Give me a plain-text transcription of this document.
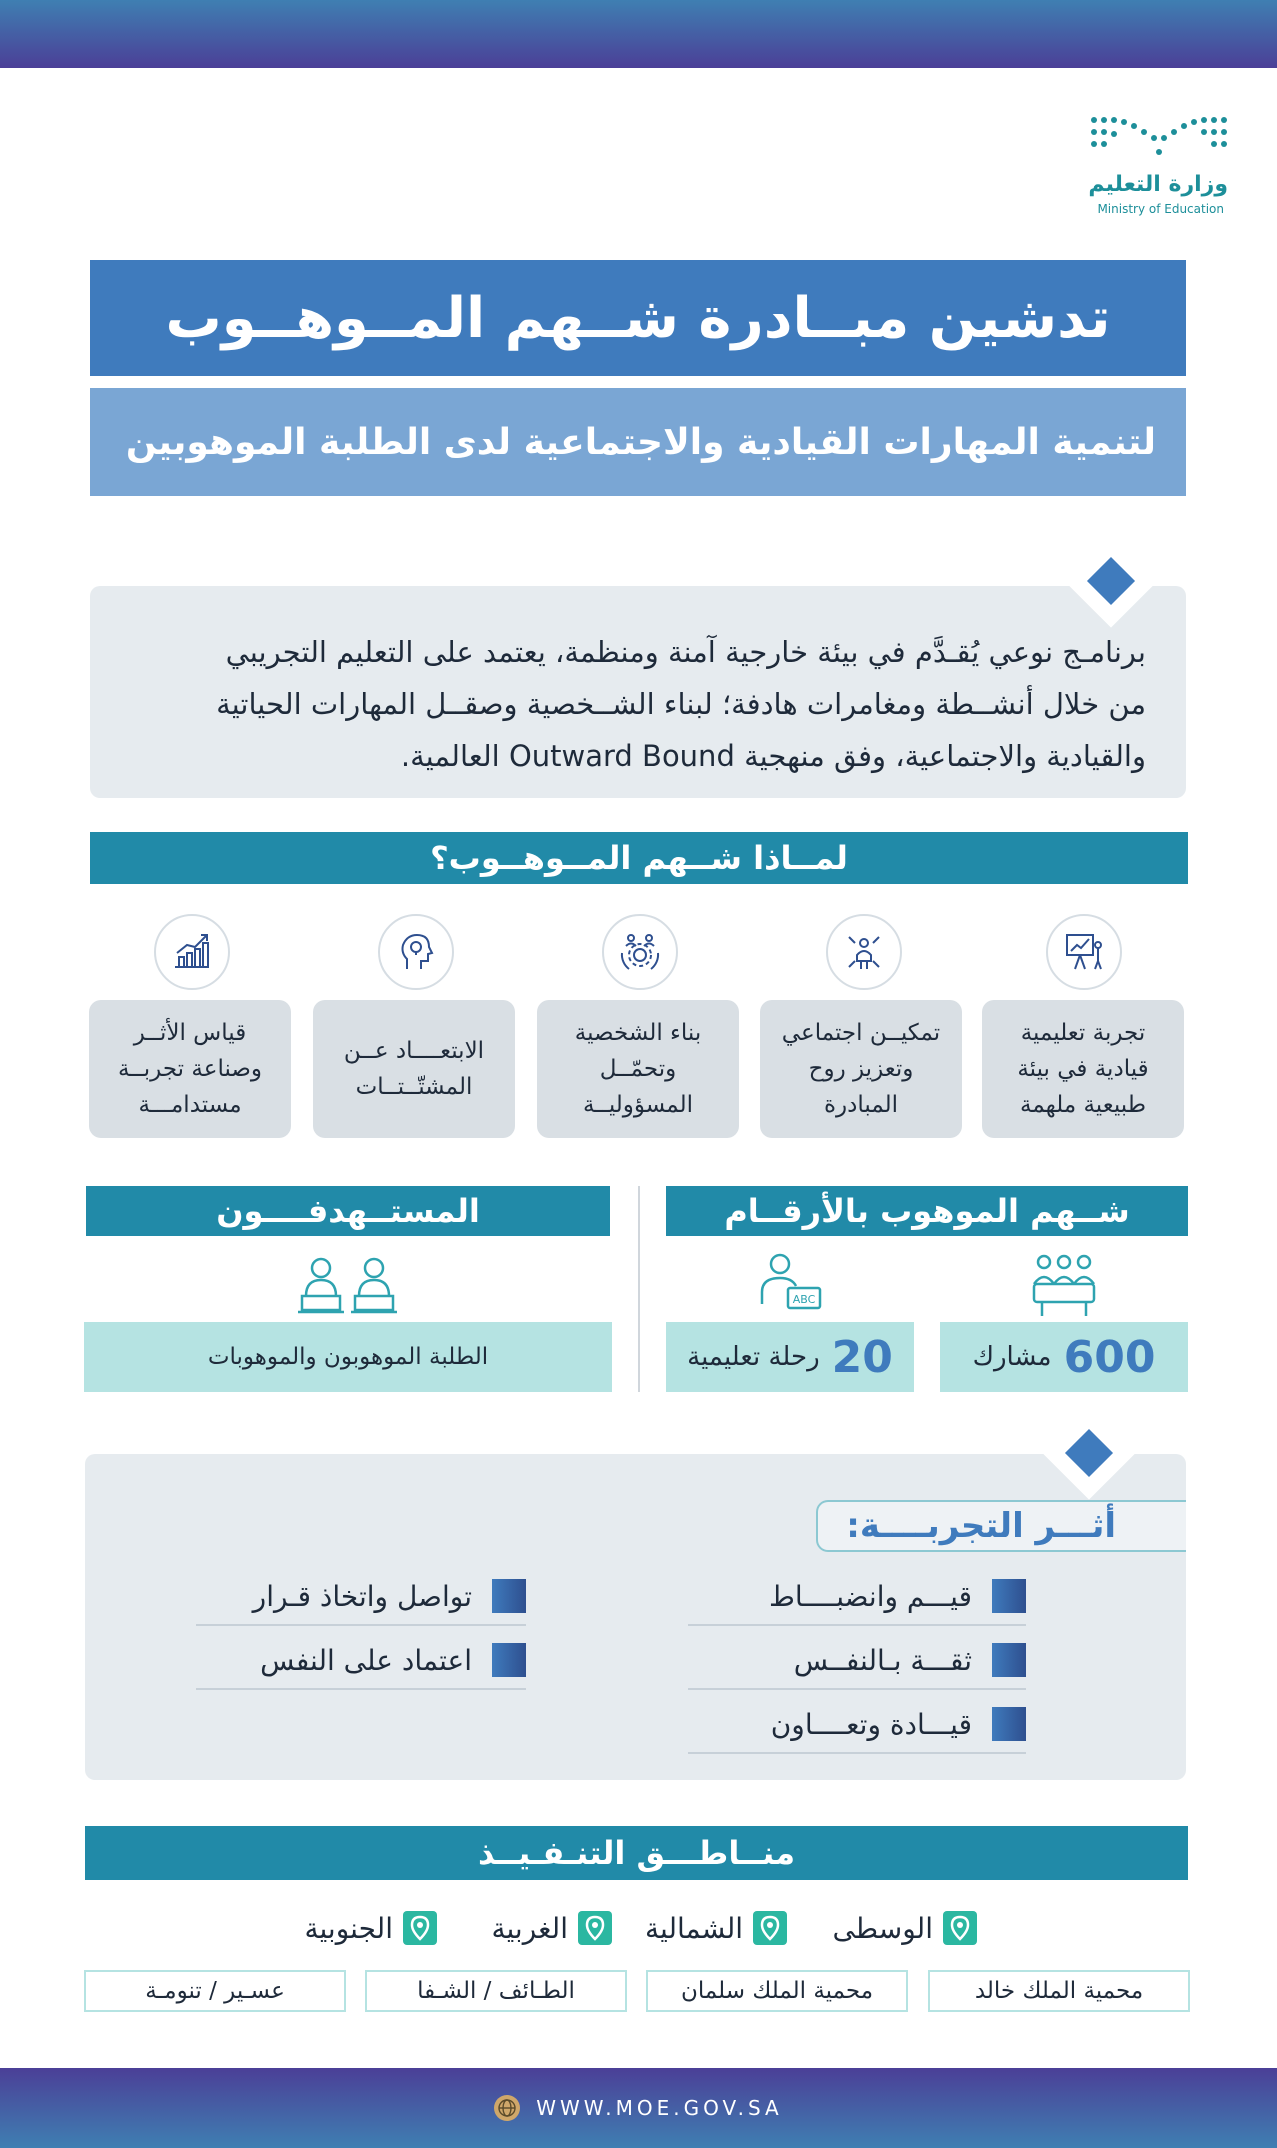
وزارة التعليم
Ministry of Education
تدشين مبــادرة شــهم المــوهــوب
لتنمية المهارات القيادية والاجتماعية لدى الطلبة الموهوبين

برنامـج نوعي يُقـدَّم في بيئة خارجية آمنة ومنظمة، يعتمد على التعليم التجريبي

من خلال أنشــطة ومغامرات هادفة؛ لبناء الشــخصية وصقــل المهارات الحياتية

والقيادية والاجتماعية، وفق منهجية Outward Bound العالمية.

لمــاذا شــهم المــوهــوب؟
تجربة تعليمية قيادية في بيئة طبيعية ملهمة
تمكيــن اجتماعي وتعزيز روح المبادرة
بناء الشخصية وتحمّــل المسؤوليــة
الابتعــــاد عــن المشتّــتــات
قياس الأثــر وصناعة تجربــة مستدامـــة
شــهم الموهوب بالأرقــام
المستــهدفــــون
ABC
600
مشارك
20
رحلة تعليمية
الطلبة الموهوبون والموهوبات
أثـــر التجربــــة:
قيـــم وانضبــــاط
ثقـــة بـالنفــس
قيـــادة وتعــــاون
تواصل واتخاذ قـرار
اعتماد على النفس
منــاطـــق التنـفـيــذ
الوسطى
الشمالية
الغربية
الجنوبية
محمية الملك خالد
محمية الملك سلمان
الطـائف / الشـفا
عسـير / تنومـة
WWW.MOE.GOV.SA
